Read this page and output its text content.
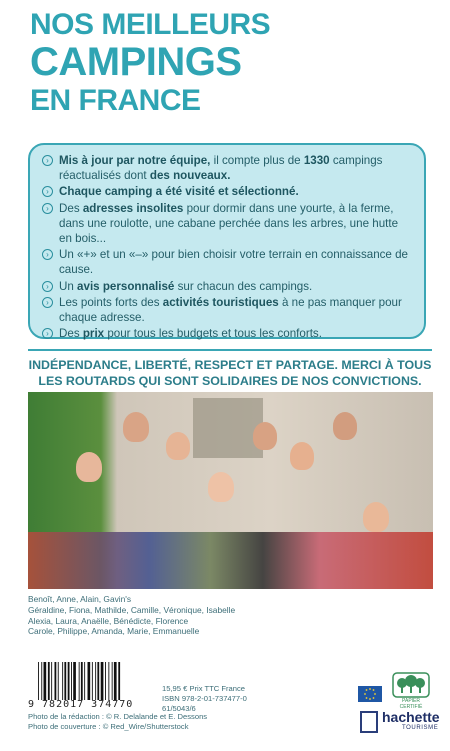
NOS MEILLEURS
CAMPINGS
EN FRANCE
› Mis à jour par notre équipe, il compte plus de 1330 campings réactualisés dont des nouveaux.
› Chaque camping a été visité et sélectionné.
› Des adresses insolites pour dormir dans une yourte, à la ferme, dans une roulotte, une cabane perchée dans les arbres, une hutte en bois...
› Un «+» et un «–» pour bien choisir votre terrain en connaissance de cause.
› Un avis personnalisé sur chacun des campings.
› Les points forts des activités touristiques à ne pas manquer pour chaque adresse.
› Des prix pour tous les budgets et tous les conforts.
INDÉPENDANCE, LIBERTÉ, RESPECT ET PARTAGE. MERCI À TOUS LES ROUTARDS QUI SONT SOLIDAIRES DE NOS CONVICTIONS.
Benoît, Anne, Alain, Gavin's
Géraldine, Fiona, Mathilde, Camille, Véronique, Isabelle
Alexia, Laura, Anaëlle, Bénédicte, Florence
Carole, Philippe, Amanda, Marie, Emmanuelle
9 782017 374770
15,95 € Prix TTC France
ISBN 978-2-01-737477-0
61/5043/6
Photo de la rédaction : © R. Delalande et E. Dessons
Photo de couverture : © Red_Wire/Shutterstock
PAPIER CERTIFIÉ
hachette
TOURISME
